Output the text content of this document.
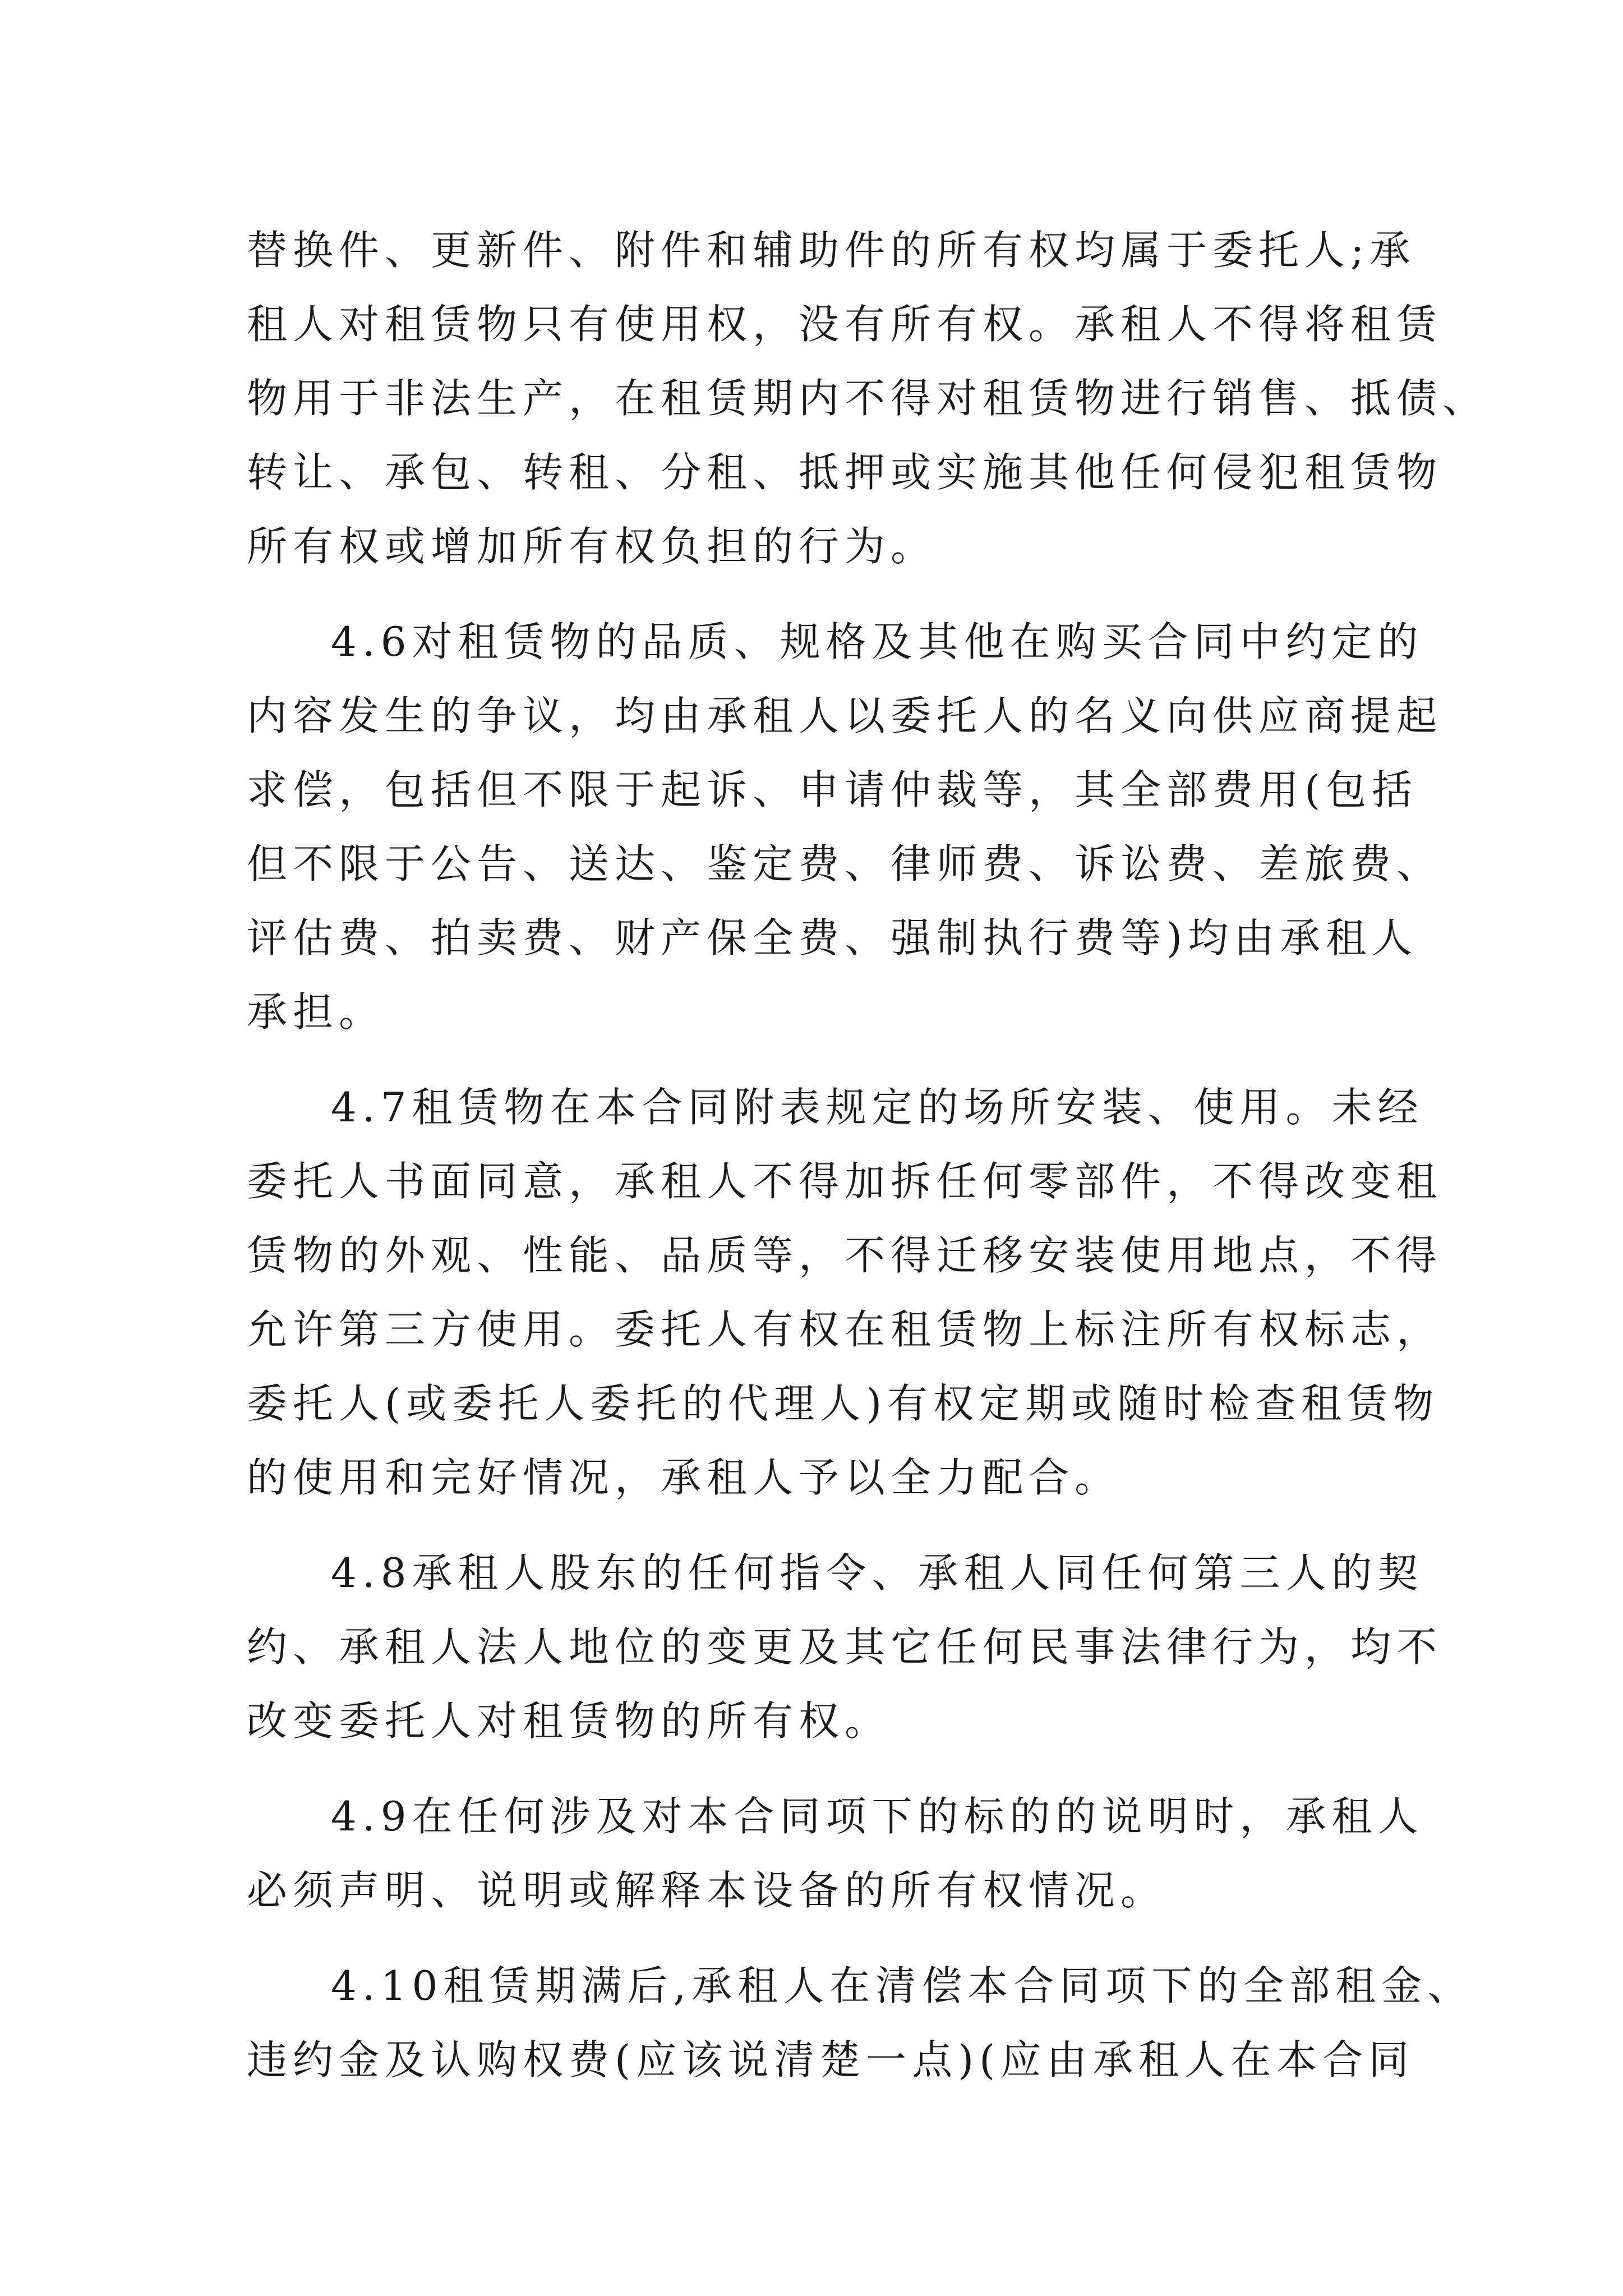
替换件、更新件、附件和辅助件的所有权均属于委托人;承
租人对租赁物只有使用权，没有所有权。承租人不得将租赁
物用于非法生产，在租赁期内不得对租赁物进行销售、抵债、
转让、承包、转租、分租、抵押或实施其他任何侵犯租赁物
所有权或增加所有权负担的行为。
4.6对租赁物的品质、规格及其他在购买合同中约定的
内容发生的争议，均由承租人以委托人的名义向供应商提起
求偿，包括但不限于起诉、申请仲裁等，其全部费用(包括
但不限于公告、送达、鉴定费、律师费、诉讼费、差旅费、
评估费、拍卖费、财产保全费、强制执行费等)均由承租人
承担。
4.7租赁物在本合同附表规定的场所安装、使用。未经
委托人书面同意，承租人不得加拆任何零部件，不得改变租
赁物的外观、性能、品质等，不得迁移安装使用地点，不得
允许第三方使用。委托人有权在租赁物上标注所有权标志，
委托人(或委托人委托的代理人)有权定期或随时检查租赁物
的使用和完好情况，承租人予以全力配合。
4.8承租人股东的任何指令、承租人同任何第三人的契
约、承租人法人地位的变更及其它任何民事法律行为，均不
改变委托人对租赁物的所有权。
4.9在任何涉及对本合同项下的标的的说明时，承租人
必须声明、说明或解释本设备的所有权情况。
4.10租赁期满后,承租人在清偿本合同项下的全部租金、
违约金及认购权费(应该说清楚一点)(应由承租人在本合同
